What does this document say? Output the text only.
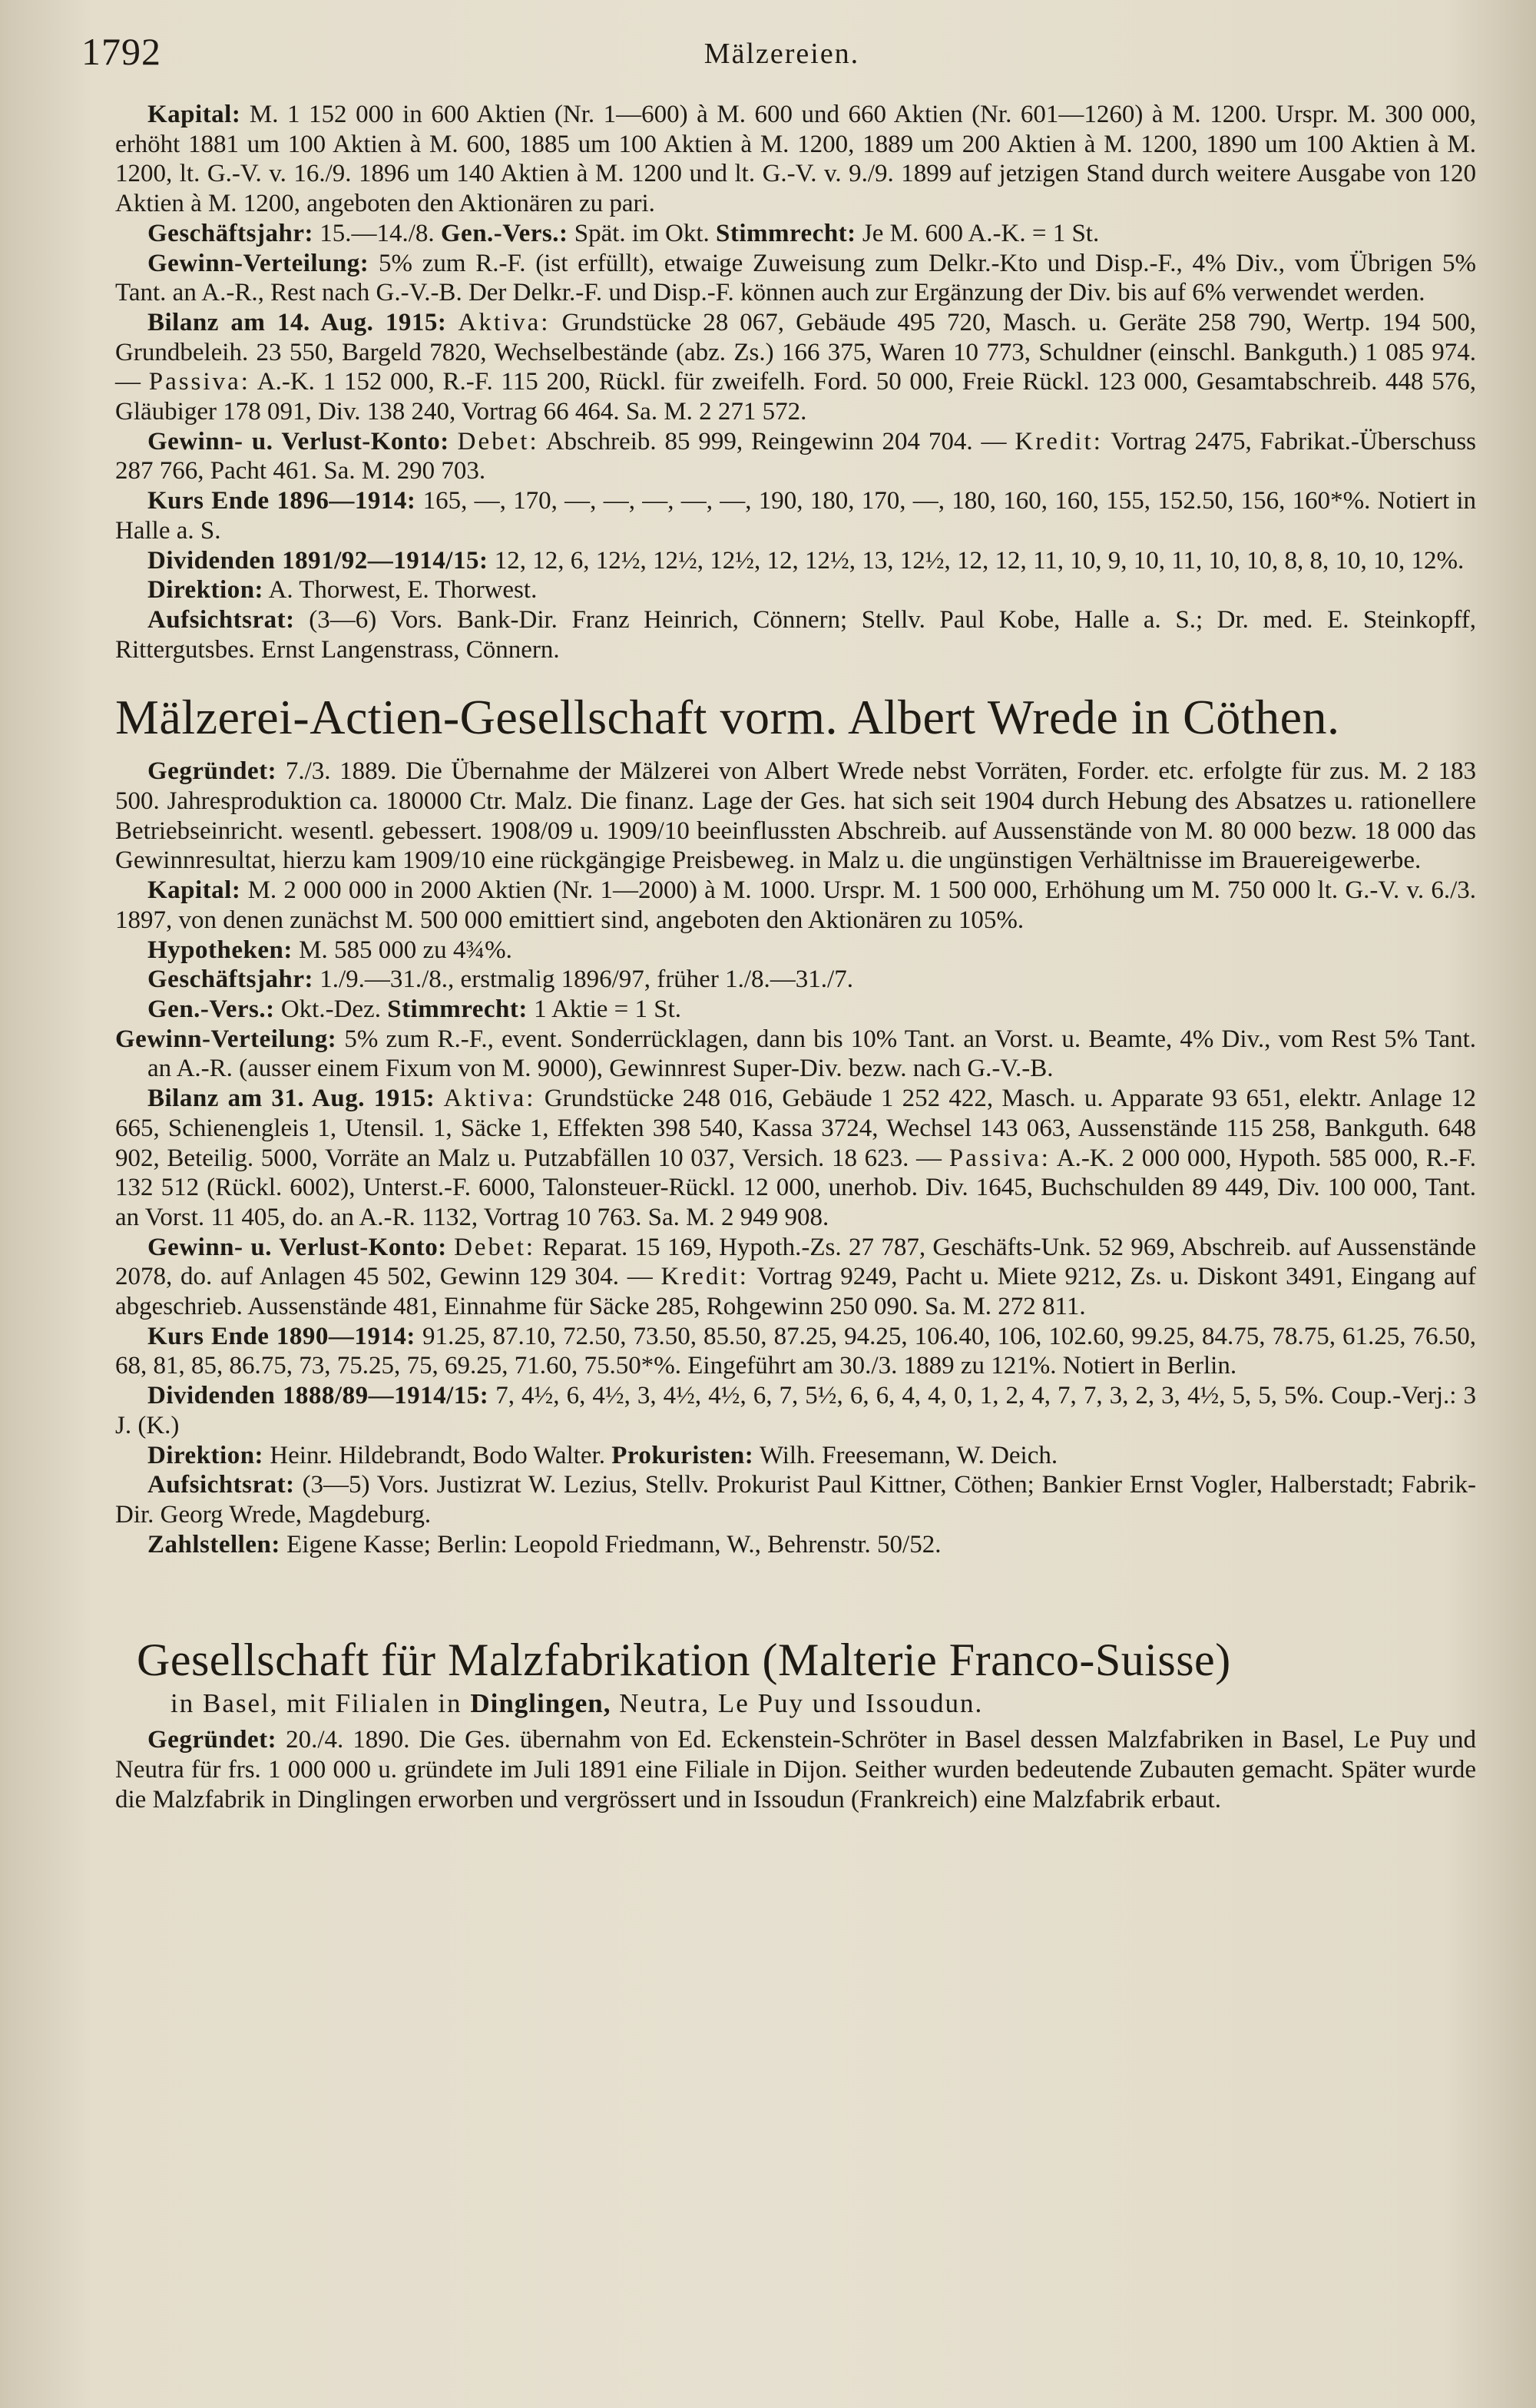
1792	Mälzereien.

Kapital: M. 1 152 000 in 600 Aktien (Nr. 1—600) à M. 600 und 660 Aktien (Nr. 601—1260) à M. 1200. Urspr. M. 300 000, erhöht 1881 um 100 Aktien à M. 600, 1885 um 100 Aktien à M. 1200, 1889 um 200 Aktien à M. 1200, 1890 um 100 Aktien à M. 1200, lt. G.-V. v. 16./9. 1896 um 140 Aktien à M. 1200 und lt. G.-V. v. 9./9. 1899 auf jetzigen Stand durch weitere Ausgabe von 120 Aktien à M. 1200, angeboten den Aktionären zu pari.

Geschäftsjahr: 15.—14./8. Gen.-Vers.: Spät. im Okt. Stimmrecht: Je M. 600 A.-K. = 1 St.

Gewinn-Verteilung: 5% zum R.-F. (ist erfüllt), etwaige Zuweisung zum Delkr.-Kto und Disp.-F., 4% Div., vom Übrigen 5% Tant. an A.-R., Rest nach G.-V.-B. Der Delkr.-F. und Disp.-F. können auch zur Ergänzung der Div. bis auf 6% verwendet werden.

Bilanz am 14. Aug. 1915: Aktiva: Grundstücke 28 067, Gebäude 495 720, Masch. u. Geräte 258 790, Wertp. 194 500, Grundbeleih. 23 550, Bargeld 7820, Wechselbestände (abz. Zs.) 166 375, Waren 10 773, Schuldner (einschl. Bankguth.) 1 085 974. — Passiva: A.-K. 1 152 000, R.-F. 115 200, Rückl. für zweifelh. Ford. 50 000, Freie Rückl. 123 000, Gesamtabschreib. 448 576, Gläubiger 178 091, Div. 138 240, Vortrag 66 464. Sa. M. 2 271 572.

Gewinn- u. Verlust-Konto: Debet: Abschreib. 85 999, Reingewinn 204 704. — Kredit: Vortrag 2475, Fabrikat.-Überschuss 287 766, Pacht 461. Sa. M. 290 703.

Kurs Ende 1896—1914: 165, —, 170, —, —, —, —, —, 190, 180, 170, —, 180, 160, 160, 155, 152.50, 156, 160*%. Notiert in Halle a. S.

Dividenden 1891/92—1914/15: 12, 12, 6, 12½, 12½, 12½, 12, 12½, 13, 12½, 12, 12, 11, 10, 9, 10, 11, 10, 10, 8, 8, 10, 10, 12%.

Direktion: A. Thorwest, E. Thorwest.

Aufsichtsrat: (3—6) Vors. Bank-Dir. Franz Heinrich, Cönnern; Stellv. Paul Kobe, Halle a. S.; Dr. med. E. Steinkopff, Rittergutsbes. Ernst Langenstrass, Cönnern.

Mälzerei-Actien-Gesellschaft vorm. Albert Wrede in Cöthen.

Gegründet: 7./3. 1889. Die Übernahme der Mälzerei von Albert Wrede nebst Vorräten, Forder. etc. erfolgte für zus. M. 2 183 500. Jahresproduktion ca. 180000 Ctr. Malz. Die finanz. Lage der Ges. hat sich seit 1904 durch Hebung des Absatzes u. rationellere Betriebseinricht. wesentl. gebessert. 1908/09 u. 1909/10 beeinflussten Abschreib. auf Aussenstände von M. 80 000 bezw. 18 000 das Gewinnresultat, hierzu kam 1909/10 eine rückgängige Preisbeweg. in Malz u. die ungünstigen Verhältnisse im Brauereigewerbe.

Kapital: M. 2 000 000 in 2000 Aktien (Nr. 1—2000) à M. 1000. Urspr. M. 1 500 000, Erhöhung um M. 750 000 lt. G.-V. v. 6./3. 1897, von denen zunächst M. 500 000 emittiert sind, angeboten den Aktionären zu 105%.

Hypotheken: M. 585 000 zu 4¾%.

Geschäftsjahr: 1./9.—31./8., erstmalig 1896/97, früher 1./8.—31./7.

Gen.-Vers.: Okt.-Dez. Stimmrecht: 1 Aktie = 1 St.

Gewinn-Verteilung: 5% zum R.-F., event. Sonderrücklagen, dann bis 10% Tant. an Vorst. u. Beamte, 4% Div., vom Rest 5% Tant. an A.-R. (ausser einem Fixum von M. 9000), Gewinnrest Super-Div. bezw. nach G.-V.-B.

Bilanz am 31. Aug. 1915: Aktiva: Grundstücke 248 016, Gebäude 1 252 422, Masch. u. Apparate 93 651, elektr. Anlage 12 665, Schienengleis 1, Utensil. 1, Säcke 1, Effekten 398 540, Kassa 3724, Wechsel 143 063, Aussenstände 115 258, Bankguth. 648 902, Beteilig. 5000, Vorräte an Malz u. Putzabfällen 10 037, Versich. 18 623. — Passiva: A.-K. 2 000 000, Hypoth. 585 000, R.-F. 132 512 (Rückl. 6002), Unterst.-F. 6000, Talonsteuer-Rückl. 12 000, unerhob. Div. 1645, Buchschulden 89 449, Div. 100 000, Tant. an Vorst. 11 405, do. an A.-R. 1132, Vortrag 10 763. Sa. M. 2 949 908.

Gewinn- u. Verlust-Konto: Debet: Reparat. 15 169, Hypoth.-Zs. 27 787, Geschäfts-Unk. 52 969, Abschreib. auf Aussenstände 2078, do. auf Anlagen 45 502, Gewinn 129 304. — Kredit: Vortrag 9249, Pacht u. Miete 9212, Zs. u. Diskont 3491, Eingang auf abgeschrieb. Aussenstände 481, Einnahme für Säcke 285, Rohgewinn 250 090. Sa. M. 272 811.

Kurs Ende 1890—1914: 91.25, 87.10, 72.50, 73.50, 85.50, 87.25, 94.25, 106.40, 106, 102.60, 99.25, 84.75, 78.75, 61.25, 76.50, 68, 81, 85, 86.75, 73, 75.25, 75, 69.25, 71.60, 75.50*%. Eingeführt am 30./3. 1889 zu 121%. Notiert in Berlin.

Dividenden 1888/89—1914/15: 7, 4½, 6, 4½, 3, 4½, 4½, 6, 7, 5½, 6, 6, 4, 4, 0, 1, 2, 4, 7, 7, 3, 2, 3, 4½, 5, 5, 5%. Coup.-Verj.: 3 J. (K.)

Direktion: Heinr. Hildebrandt, Bodo Walter. Prokuristen: Wilh. Freesemann, W. Deich.

Aufsichtsrat: (3—5) Vors. Justizrat W. Lezius, Stellv. Prokurist Paul Kittner, Cöthen; Bankier Ernst Vogler, Halberstadt; Fabrik-Dir. Georg Wrede, Magdeburg.

Zahlstellen: Eigene Kasse; Berlin: Leopold Friedmann, W., Behrenstr. 50/52.

Gesellschaft für Malzfabrikation (Malterie Franco-Suisse)
in Basel, mit Filialen in Dinglingen, Neutra, Le Puy und Issoudun.

Gegründet: 20./4. 1890. Die Ges. übernahm von Ed. Eckenstein-Schröter in Basel dessen Malzfabriken in Basel, Le Puy und Neutra für frs. 1 000 000 u. gründete im Juli 1891 eine Filiale in Dijon. Seither wurden bedeutende Zubauten gemacht. Später wurde die Malzfabrik in Dinglingen erworben und vergrössert und in Issoudun (Frankreich) eine Malzfabrik erbaut.
